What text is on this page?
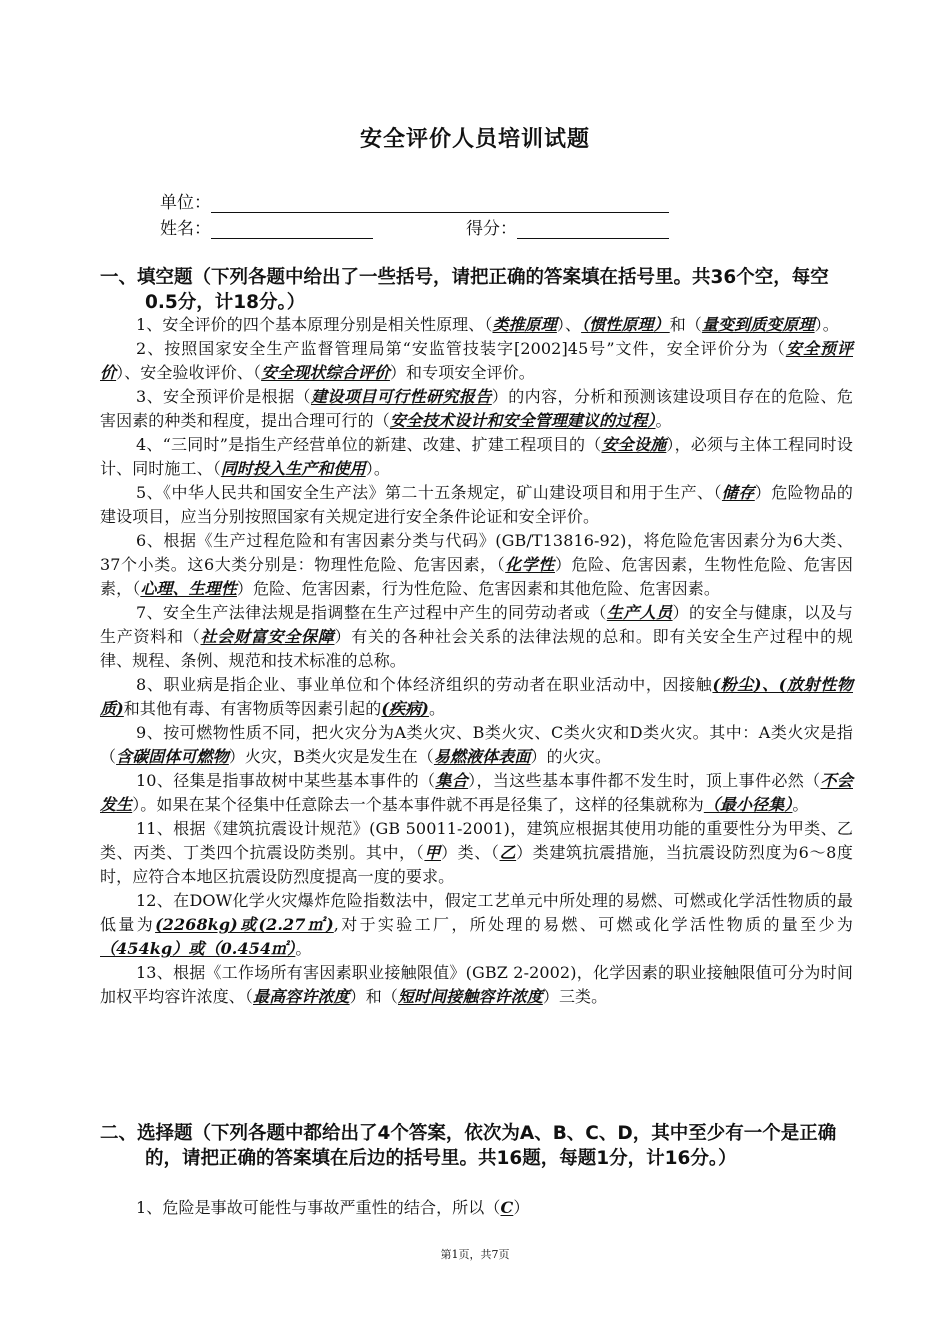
安全评价人员培训试题
单位：
姓名：	得分：
一、填空题（下列各题中给出了一些括号，请把正确的答案填在括号里。共36个空，每空0.5分，计18分。）

1、安全评价的四个基本原理分别是相关性原理、（类推原理）、（惯性原理）和（量变到质变原理）。

2、按照国家安全生产监督管理局第“安监管技装字[2002]45号”文件，安全评价分为（安全预评价）、安全验收评价、（安全现状综合评价）和专项安全评价。

3、安全预评价是根据（建设项目可行性研究报告）的内容，分析和预测该建设项目存在的危险、危害因素的种类和程度，提出合理可行的（安全技术设计和安全管理建议的过程）。

4、“三同时”是指生产经营单位的新建、改建、扩建工程项目的（安全设施），必须与主体工程同时设计、同时施工、（同时投入生产和使用）。

5、《中华人民共和国安全生产法》第二十五条规定，矿山建设项目和用于生产、（储存）危险物品的建设项目，应当分别按照国家有关规定进行安全条件论证和安全评价。

6、根据《生产过程危险和有害因素分类与代码》(GB/T13816-92)，将危险危害因素分为6大类、37个小类。这6大类分别是：物理性危险、危害因素，（化学性）危险、危害因素，生物性危险、危害因素，（心理、生理性）危险、危害因素，行为性危险、危害因素和其他危险、危害因素。

7、安全生产法律法规是指调整在生产过程中产生的同劳动者或（生产人员）的安全与健康，以及与生产资料和（社会财富安全保障）有关的各种社会关系的法律法规的总和。即有关安全生产过程中的规律、规程、条例、规范和技术标准的总称。

8、职业病是指企业、事业单位和个体经济组织的劳动者在职业活动中，因接触(粉尘)、(放射性物质)和其他有毒、有害物质等因素引起的(疾病)。

9、按可燃物性质不同，把火灾分为A类火灾、B类火灾、C类火灾和D类火灾。其中：A类火灾是指（含碳固体可燃物）火灾，B类火灾是发生在（易燃液体表面）的火灾。

10、径集是指事故树中某些基本事件的（集合），当这些基本事件都不发生时，顶上事件必然（不会发生）。如果在某个径集中任意除去一个基本事件就不再是径集了，这样的径集就称为（最小径集）。

11、根据《建筑抗震设计规范》(GB 50011-2001)，建筑应根据其使用功能的重要性分为甲类、乙类、丙类、丁类四个抗震设防类别。其中，（甲）类、（乙）类建筑抗震措施，当抗震设防烈度为6～8度时，应符合本地区抗震设防烈度提高一度的要求。

12、在DOW化学火灾爆炸危险指数法中，假定工艺单元中所处理的易燃、可燃或化学活性物质的最低量为(2268kg)或(2.27㎡),对于实验工厂，所处理的易燃、可燃或化学活性物质的量至少为（454kg）或（0.454㎡）。

13、根据《工作场所有害因素职业接触限值》(GBZ 2-2002)，化学因素的职业接触限值可分为时间加权平均容许浓度、（最高容许浓度）和（短时间接触容许浓度）三类。

二、选择题（下列各题中都给出了4个答案，依次为A、B、C、D，其中至少有一个是正确的，请把正确的答案填在后边的括号里。共16题，每题1分，计16分。）

1、危险是事故可能性与事故严重性的结合，所以（C）

第1页，共7页
